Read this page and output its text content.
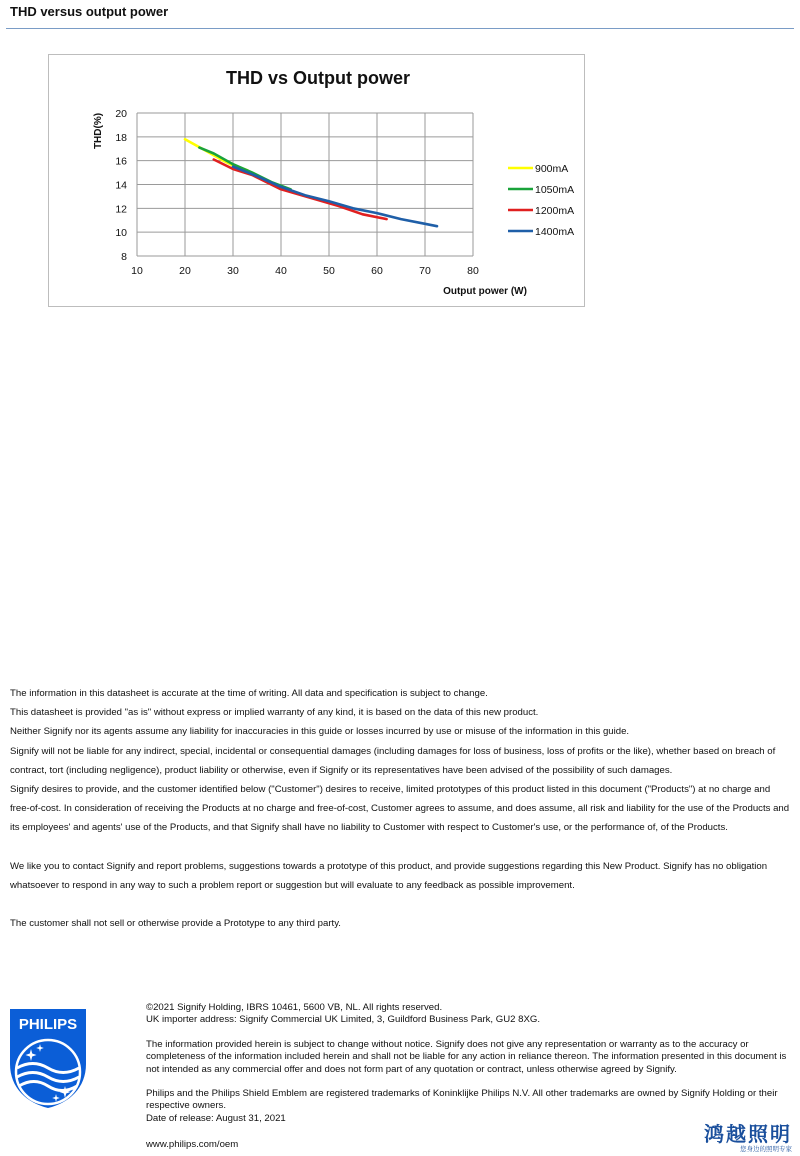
THD versus output power
THD vs Output power
10	20	30	40	50	60	70	80
8
10
12
14
16
18
20
900mA
1050mA
1200mA
1400mA
THD(%)
Output power (W)

The information in this datasheet is accurate at the time of writing. All data and specification is subject to change.

This datasheet is provided "as is" without express or implied warranty of any kind, it is based on the data of this new product.

Neither Signify nor its agents assume any liability for inaccuracies in this guide or losses incurred by use or misuse of the information in this guide.

Signify will not be liable for any indirect, special, incidental or consequential damages (including damages for loss of business, loss of profits or the like), whether based on breach of contract, tort (including negligence), product liability or otherwise, even if Signify or its representatives have been advised of the possibility of such damages.

Signify desires to provide, and the customer identified below ("Customer") desires to receive, limited prototypes of this product listed in this document ("Products") at no charge and free-of-cost. In consideration of receiving the Products at no charge and free-of-cost, Customer agrees to assume, and does assume, all risk and liability for the use of the Products and its employees' and agents' use of the Products, and that Signify shall have no liability to Customer with respect to Customer's use, or the performance of, of the Products.

We like you to contact Signify and report problems, suggestions towards a prototype of this product, and provide suggestions regarding this New Product. Signify has no obligation whatsoever to respond in any way to such a problem report or suggestion but will evaluate to any feedback as possible improvement.

The customer shall not sell or otherwise provide a Prototype to any third party.

PHILIPS

©2021 Signify Holding, IBRS 10461, 5600 VB, NL. All rights reserved.

UK importer address: Signify Commercial UK Limited, 3, Guildford Business Park, GU2 8XG.

The information provided herein is subject to change without notice. Signify does not give any representation or warranty as to the accuracy or completeness of the information included herein and shall not be liable for any action in reliance thereon. The information presented in this document is not intended as any commercial offer and does not form part of any quotation or contract, unless otherwise agreed by Signify.

Philips and the Philips Shield Emblem are registered trademarks of Koninklijke Philips N.V. All other trademarks are owned by Signify Holding or their respective owners.

Date of release: August 31, 2021

www.philips.com/oem	鸿越照明
您身边的照明专家
